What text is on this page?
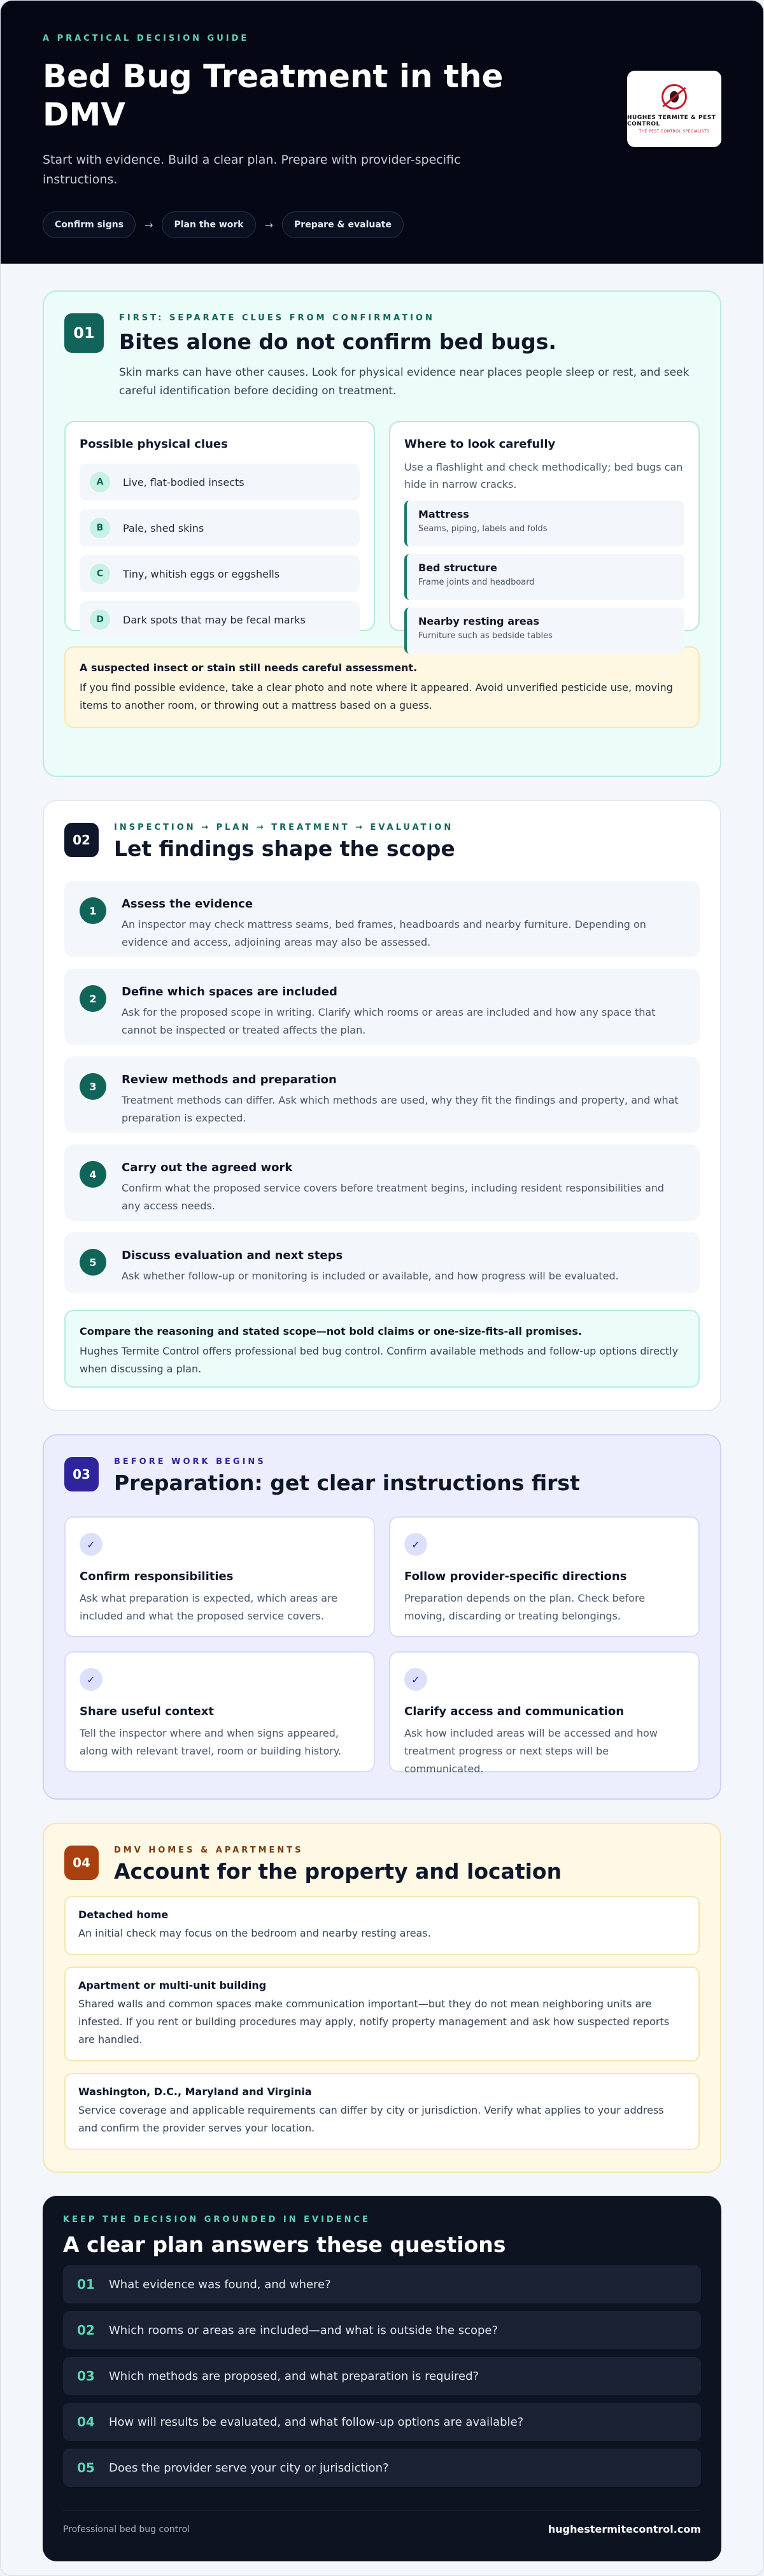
A PRACTICAL DECISION GUIDE
Bed Bug Treatment in the DMV

Start with evidence. Build a clear plan. Prepare with provider-specific instructions.

Confirm signs	→	Plan the work	→	Prepare & evaluate
HUGHES TERMITE & PEST CONTROL
THE PEST CONTROL SPECIALISTS
01
FIRST: SEPARATE CLUES FROM CONFIRMATION
Bites alone do not confirm bed bugs.

Skin marks can have other causes. Look for physical evidence near places people sleep or rest, and seek careful identification before deciding on treatment.

Possible physical clues
A	Live, flat-bodied insects
B	Pale, shed skins
C	Tiny, whitish eggs or eggshells
D	Dark spots that may be fecal marks
Where to look carefully

Use a flashlight and check methodically; bed bugs can hide in narrow cracks.

Mattress
Seams, piping, labels and folds
Bed structure
Frame joints and headboard
Nearby resting areas
Furniture such as bedside tables
A suspected insect or stain still needs careful assessment.

If you find possible evidence, take a clear photo and note where it appeared. Avoid unverified pesticide use, moving items to another room, or throwing out a mattress based on a guess.

02
INSPECTION → PLAN → TREATMENT → EVALUATION
Let findings shape the scope
1	Assess the evidence

An inspector may check mattress seams, bed frames, headboards and nearby furniture. Depending on evidence and access, adjoining areas may also be assessed.

2	Define which spaces are included

Ask for the proposed scope in writing. Clarify which rooms or areas are included and how any space that cannot be inspected or treated affects the plan.

3	Review methods and preparation

Treatment methods can differ. Ask which methods are used, why they fit the findings and property, and what preparation is expected.

4	Carry out the agreed work

Confirm what the proposed service covers before treatment begins, including resident responsibilities and any access needs.

5	Discuss evaluation and next steps

Ask whether follow-up or monitoring is included or available, and how progress will be evaluated.

Compare the reasoning and stated scope—not bold claims or one-size-fits-all promises.

Hughes Termite Control offers professional bed bug control. Confirm available methods and follow-up options directly when discussing a plan.

03
BEFORE WORK BEGINS
Preparation: get clear instructions first
✓
Confirm responsibilities

Ask what preparation is expected, which areas are included and what the proposed service covers.

✓
Follow provider-specific directions

Preparation depends on the plan. Check before moving, discarding or treating belongings.

✓
Share useful context

Tell the inspector where and when signs appeared, along with relevant travel, room or building history.

✓
Clarify access and communication

Ask how included areas will be accessed and how treatment progress or next steps will be communicated.

04
DMV HOMES & APARTMENTS
Account for the property and location
Detached home

An initial check may focus on the bedroom and nearby resting areas.

Apartment or multi-unit building

Shared walls and common spaces make communication important—but they do not mean neighboring units are infested. If you rent or building procedures may apply, notify property management and ask how suspected reports are handled.

Washington, D.C., Maryland and Virginia

Service coverage and applicable requirements can differ by city or jurisdiction. Verify what applies to your address and confirm the provider serves your location.

KEEP THE DECISION GROUNDED IN EVIDENCE
A clear plan answers these questions
01	What evidence was found, and where?
02	Which rooms or areas are included—and what is outside the scope?
03	Which methods are proposed, and what preparation is required?
04	How will results be evaluated, and what follow-up options are available?
05	Does the provider serve your city or jurisdiction?
Professional bed bug control	hughestermitecontrol.com
